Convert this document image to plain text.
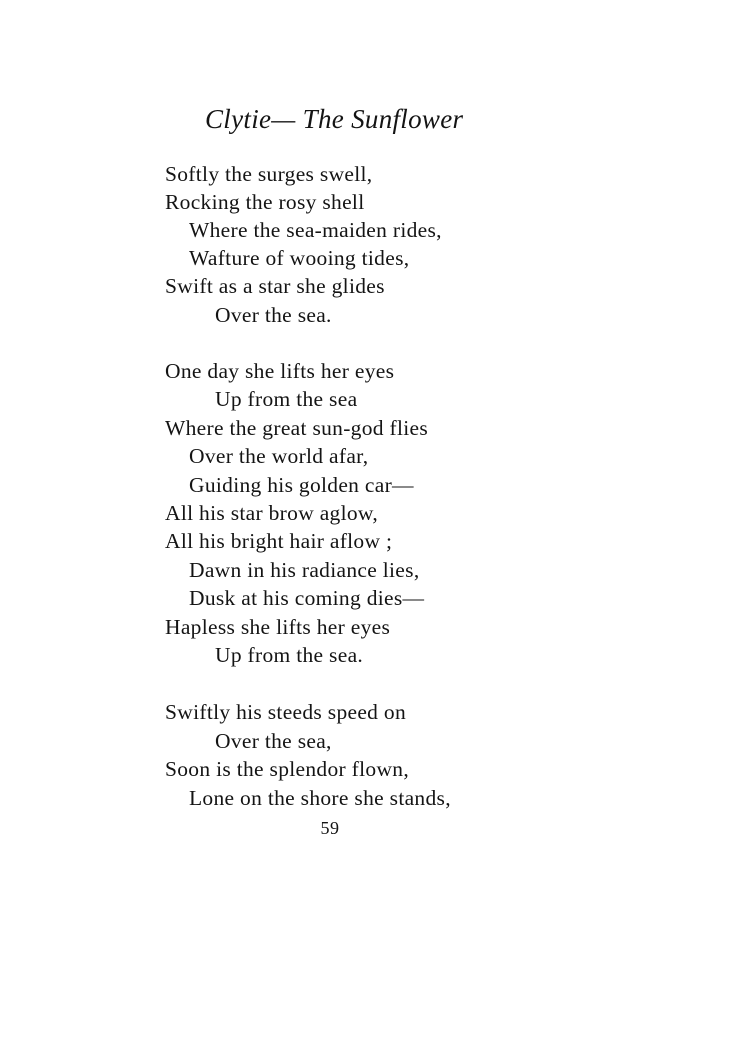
Clytie— The Sunflower
Softly the surges swell,
Rocking the rosy shell
Where the sea-maiden rides,
Wafture of wooing tides,
Swift as a star she glides
Over the sea.
One day she lifts her eyes
Up from the sea
Where the great sun-god flies
Over the world afar,
Guiding his golden car—
All his star brow aglow,
All his bright hair aflow ;
Dawn in his radiance lies,
Dusk at his coming dies—
Hapless she lifts her eyes
Up from the sea.
Swiftly his steeds speed on
Over the sea,
Soon is the splendor flown,
Lone on the shore she stands,
59
